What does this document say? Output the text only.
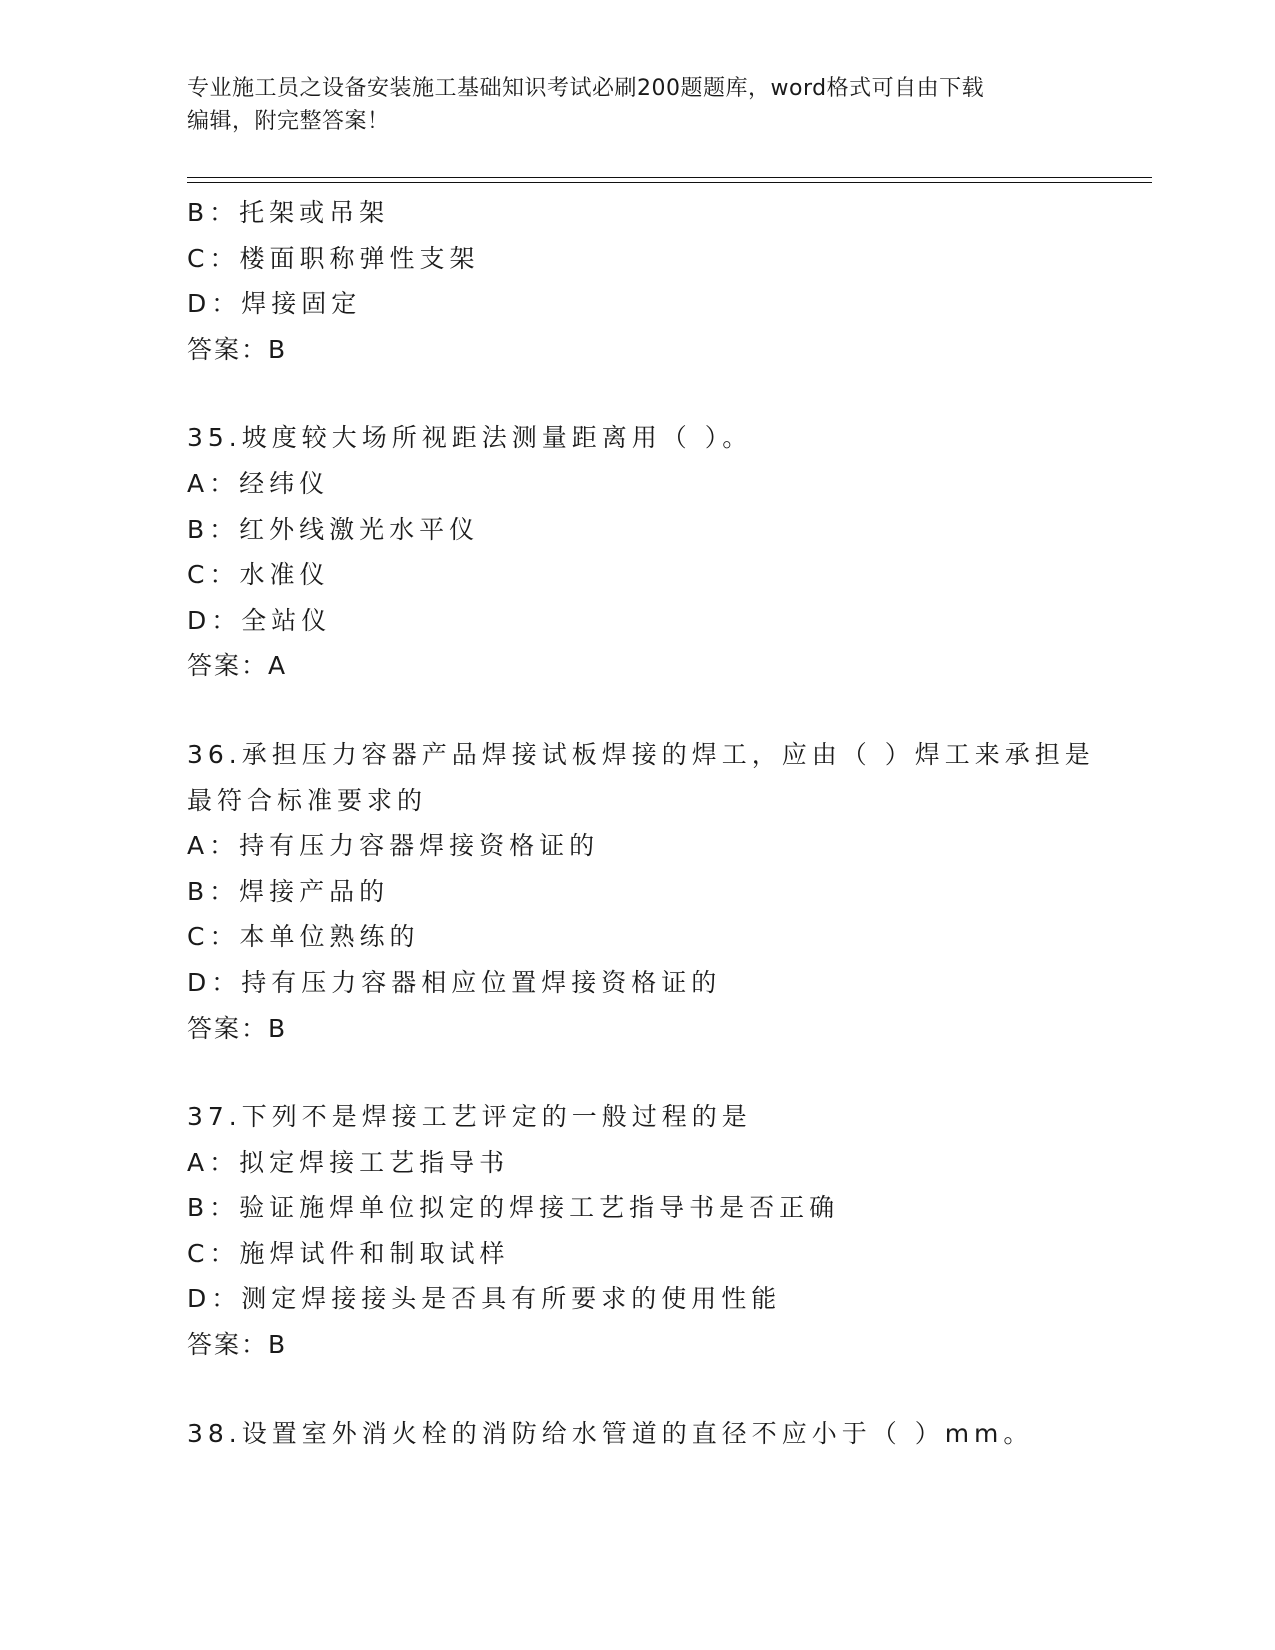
专业施工员之设备安装施工基础知识考试必刷200题题库，word格式可自由下载
编辑，附完整答案！

B：托架或吊架

C：楼面职称弹性支架

D：焊接固定

答案：B

35.坡度较大场所视距法测量距离用（ ）。

A：经纬仪

B：红外线激光水平仪

C：水准仪

D：全站仪

答案：A

36.承担压力容器产品焊接试板焊接的焊工，应由（ ）焊工来承担是

最符合标准要求的

A：持有压力容器焊接资格证的

B：焊接产品的

C：本单位熟练的

D：持有压力容器相应位置焊接资格证的

答案：B

37.下列不是焊接工艺评定的一般过程的是

A：拟定焊接工艺指导书

B：验证施焊单位拟定的焊接工艺指导书是否正确

C：施焊试件和制取试样

D：测定焊接接头是否具有所要求的使用性能

答案：B

38.设置室外消火栓的消防给水管道的直径不应小于（ ）mm。
